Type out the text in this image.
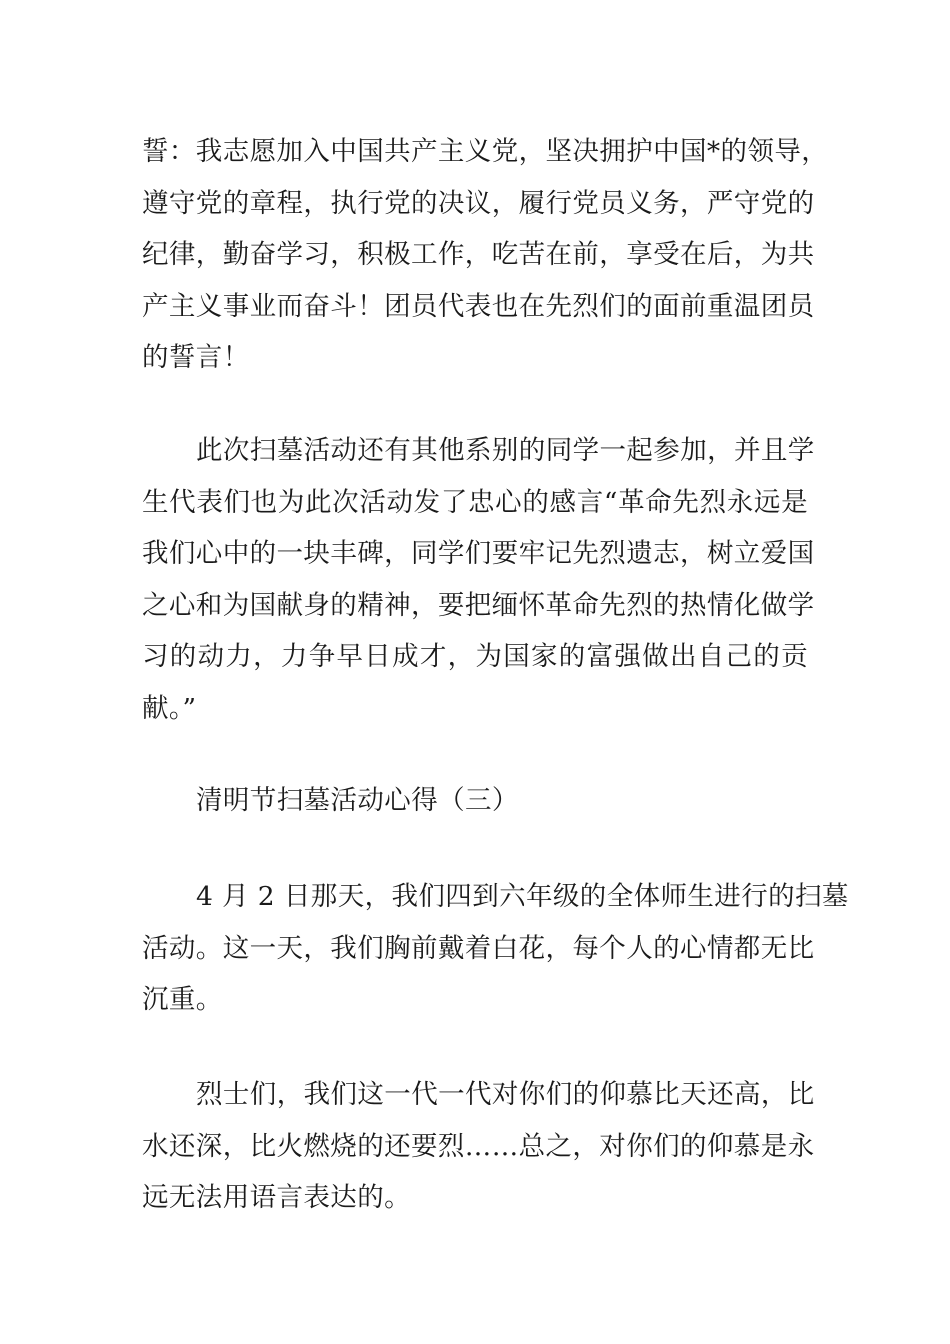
誓：我志愿加入中国共产主义党，坚决拥护中国*的领导，
遵守党的章程，执行党的决议，履行党员义务，严守党的
纪律，勤奋学习，积极工作，吃苦在前，享受在后，为共
产主义事业而奋斗！团员代表也在先烈们的面前重温团员
的誓言！
此次扫墓活动还有其他系别的同学一起参加，并且学
生代表们也为此次活动发了忠心的感言“革命先烈永远是
我们心中的一块丰碑，同学们要牢记先烈遗志，树立爱国
之心和为国献身的精神，要把缅怀革命先烈的热情化做学
习的动力，力争早日成才，为国家的富强做出自己的贡
献。”
清明节扫墓活动心得（三）
4 月 2 日那天，我们四到六年级的全体师生进行的扫墓
活动。这一天，我们胸前戴着白花，每个人的心情都无比
沉重。
烈士们，我们这一代一代对你们的仰慕比天还高，比
水还深，比火燃烧的还要烈……总之，对你们的仰慕是永
远无法用语言表达的。
